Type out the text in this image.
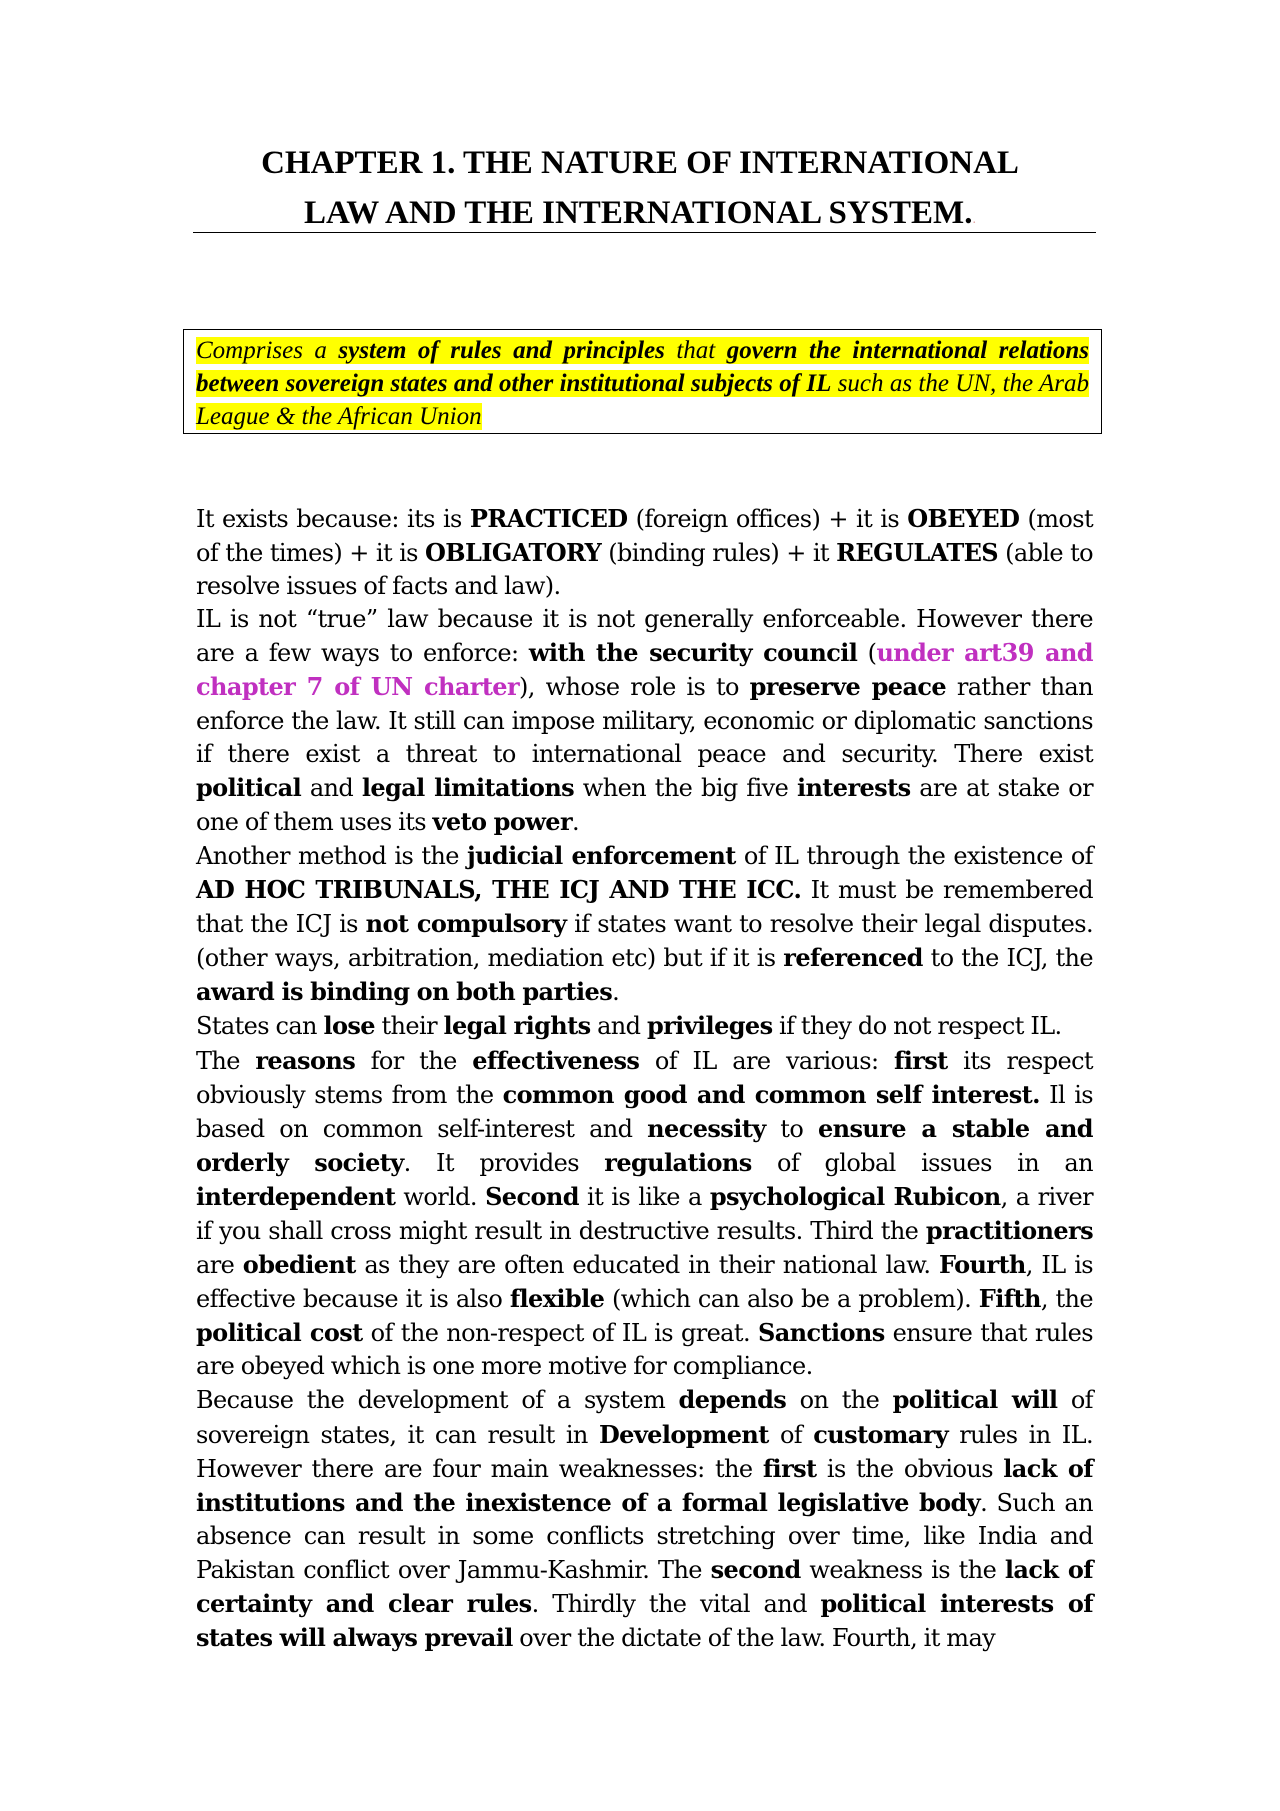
CHAPTER 1. THE NATURE OF INTERNATIONAL
LAW AND THE INTERNATIONAL SYSTEM..
Comprises a system of rules and principles that govern the international relations between sovereign states and other institutional subjects of IL such as the UN, the Arab League & the African Union

It exists because: its is PRACTICED (foreign offices) + it is OBEYED (most of the times) + it is OBLIGATORY (binding rules) + it REGULATES (able to resolve issues of facts and law).

IL is not “true” law because it is not generally enforceable. However there are a few ways to enforce: with the security council (under art39 and chapter 7 of UN charter), whose role is to preserve peace rather than enforce the law. It still can impose military, economic or diplomatic sanctions if there exist a threat to international peace and security. There exist political and legal limitations when the big five interests are at stake or one of them uses its veto power.

Another method is the judicial enforcement of IL through the existence of AD HOC TRIBUNALS, THE ICJ AND THE ICC. It must be remembered that the ICJ is not compulsory if states want to resolve their legal disputes. (other ways, arbitration, mediation etc) but if it is referenced to the ICJ, the award is binding on both parties.

States can lose their legal rights and privileges if they do not respect IL.

The reasons for the effectiveness of IL are various: first its respect obviously stems from the common good and common self interest. Il is based on common self-interest and necessity to ensure a stable and orderly society. It provides regulations of global issues in an interdependent world. Second it is like a psychological Rubicon, a river if you shall cross might result in destructive results. Third the practitioners are obedient as they are often educated in their national law. Fourth, IL is effective because it is also flexible (which can also be a problem). Fifth, the political cost of the non-respect of IL is great. Sanctions ensure that rules are obeyed which is one more motive for compliance.

Because the development of a system depends on the political will of sovereign states, it can result in Development of customary rules in IL. However there are four main weaknesses: the first is the obvious lack of institutions and the inexistence of a formal legislative body. Such an absence can result in some conflicts stretching over time, like India and Pakistan conflict over Jammu-Kashmir. The second weakness is the lack of certainty and clear rules. Thirdly the vital and political interests of states will always prevail over the dictate of the law. Fourth, it may
